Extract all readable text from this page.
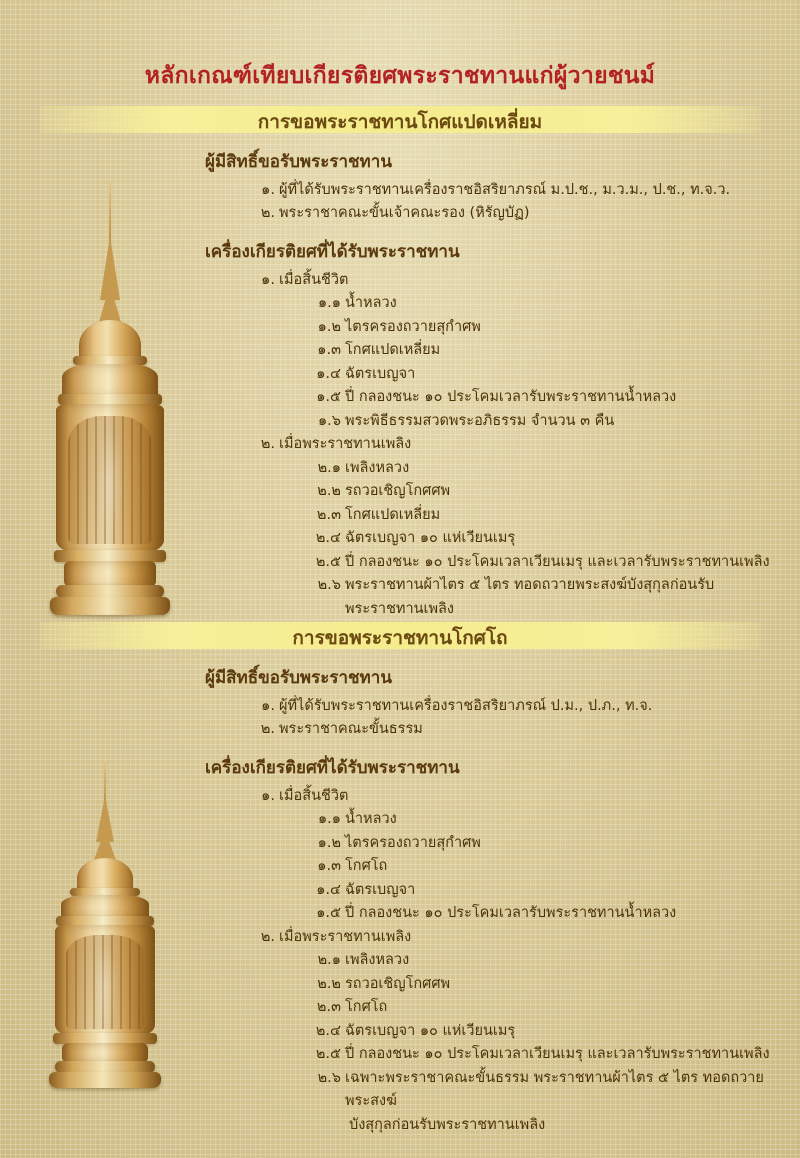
หลักเกณฑ์เทียบเกียรติยศพระราชทานแก่ผู้วายชนม์
การขอพระราชทานโกศแปดเหลี่ยม
ผู้มีสิทธิ์ขอรับพระราชทาน
๑. ผู้ที่ได้รับพระราชทานเครื่องราชอิสริยาภรณ์ ม.ป.ช., ม.ว.ม., ป.ช., ท.จ.ว.
๒. พระราชาคณะขั้นเจ้าคณะรอง (หิรัญบัฏ)
เครื่องเกียรติยศที่ได้รับพระราชทาน
๑. เมื่อสิ้นชีวิต
๑.๑ น้ำหลวง
๑.๒ ไตรครองถวายสุกำศพ
๑.๓ โกศแปดเหลี่ยม
๑.๔ ฉัตรเบญจา
๑.๕ ปี่ กลองชนะ ๑๐ ประโคมเวลารับพระราชทานน้ำหลวง
๑.๖ พระพิธีธรรมสวดพระอภิธรรม จำนวน ๓ คืน
๒. เมื่อพระราชทานเพลิง
๒.๑ เพลิงหลวง
๒.๒ รถวอเชิญโกศศพ
๒.๓ โกศแปดเหลี่ยม
๒.๔ ฉัตรเบญจา ๑๐ แห่เวียนเมรุ
๒.๕ ปี่ กลองชนะ ๑๐ ประโคมเวลาเวียนเมรุ และเวลารับพระราชทานเพลิง
๒.๖ พระราชทานผ้าไตร ๕ ไตร ทอดถวายพระสงฆ์บังสุกุลก่อนรับพระราชทานเพลิง
การขอพระราชทานโกศโถ
ผู้มีสิทธิ์ขอรับพระราชทาน
๑. ผู้ที่ได้รับพระราชทานเครื่องราชอิสริยาภรณ์ ป.ม., ป.ภ., ท.จ.
๒. พระราชาคณะขั้นธรรม
เครื่องเกียรติยศที่ได้รับพระราชทาน
๑. เมื่อสิ้นชีวิต
๑.๑ น้ำหลวง
๑.๒ ไตรครองถวายสุกำศพ
๑.๓ โกศโถ
๑.๔ ฉัตรเบญจา
๑.๕ ปี่ กลองชนะ ๑๐ ประโคมเวลารับพระราชทานน้ำหลวง
๒. เมื่อพระราชทานเพลิง
๒.๑ เพลิงหลวง
๒.๒ รถวอเชิญโกศศพ
๒.๓ โกศโถ
๒.๔ ฉัตรเบญจา ๑๐ แห่เวียนเมรุ
๒.๕ ปี่ กลองชนะ ๑๐ ประโคมเวลาเวียนเมรุ และเวลารับพระราชทานเพลิง
๒.๖ เฉพาะพระราชาคณะขั้นธรรม พระราชทานผ้าไตร ๕ ไตร ทอดถวายพระสงฆ์
บังสุกุลก่อนรับพระราชทานเพลิง
